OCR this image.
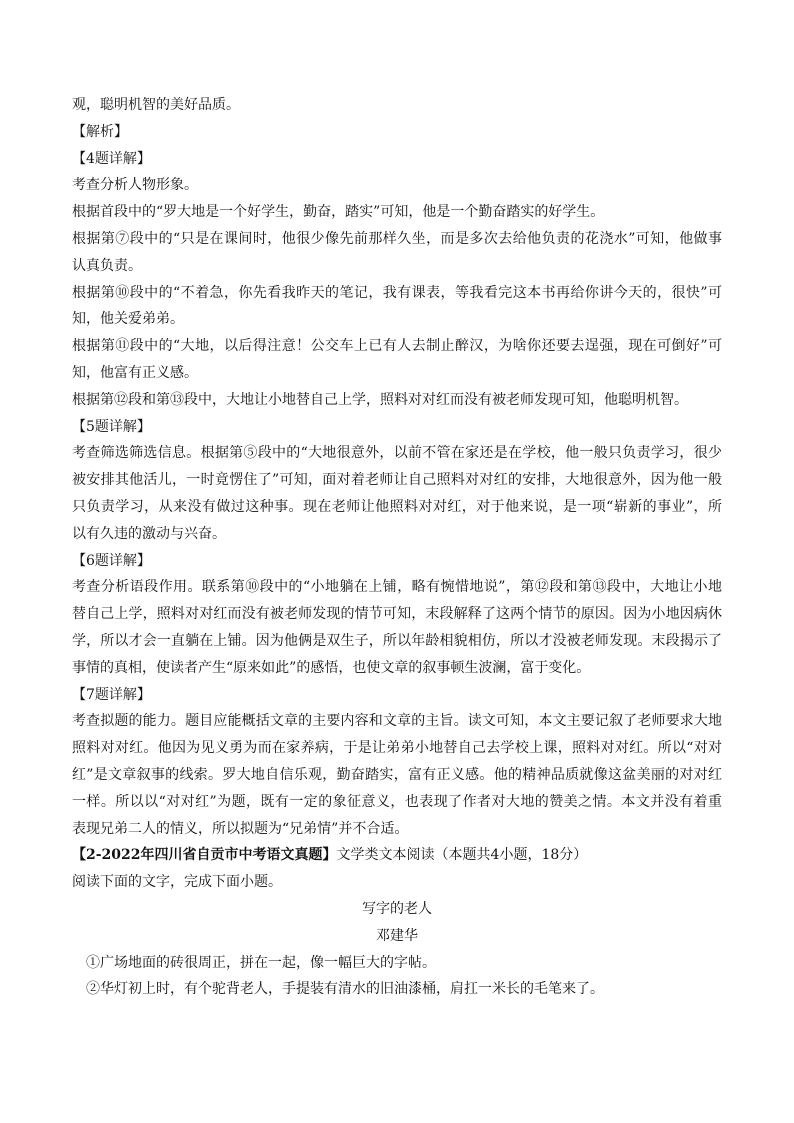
观，聪明机智的美好品质。
【解析】
【4题详解】
考查分析人物形象。
根据首段中的“罗大地是一个好学生，勤奋，踏实”可知，他是一个勤奋踏实的好学生。
根据第⑦段中的“只是在课间时，他很少像先前那样久坐，而是多次去给他负责的花浇水”可知，他做事
认真负责。
根据第⑩段中的“不着急，你先看我昨天的笔记，我有课表，等我看完这本书再给你讲今天的，很快”可
知，他关爱弟弟。
根据第⑪段中的“大地，以后得注意！公交车上已有人去制止醉汉，为啥你还要去逞强，现在可倒好”可
知，他富有正义感。
根据第⑫段和第⑬段中，大地让小地替自己上学，照料对对红而没有被老师发现可知，他聪明机智。
【5题详解】
考查筛选筛选信息。根据第⑤段中的“大地很意外，以前不管在家还是在学校，他一般只负责学习，很少
被安排其他活儿，一时竟愣住了”可知，面对着老师让自己照料对对红的安排，大地很意外，因为他一般
只负责学习，从来没有做过这种事。现在老师让他照料对对红，对于他来说，是一项“崭新的事业”，所
以有久违的激动与兴奋。
【6题详解】
考查分析语段作用。联系第⑩段中的“小地躺在上铺，略有惋惜地说”，第⑫段和第⑬段中，大地让小地
替自己上学，照料对对红而没有被老师发现的情节可知，末段解释了这两个情节的原因。因为小地因病休
学，所以才会一直躺在上铺。因为他俩是双生子，所以年龄相貌相仿，所以才没被老师发现。末段揭示了
事情的真相，使读者产生“原来如此”的感悟，也使文章的叙事顿生波澜，富于变化。
【7题详解】
考查拟题的能力。题目应能概括文章的主要内容和文章的主旨。读文可知，本文主要记叙了老师要求大地
照料对对红。他因为见义勇为而在家养病，于是让弟弟小地替自己去学校上课，照料对对红。所以“对对
红”是文章叙事的线索。罗大地自信乐观，勤奋踏实，富有正义感。他的精神品质就像这盆美丽的对对红
一样。所以以“对对红”为题，既有一定的象征意义，也表现了作者对大地的赞美之情。本文并没有着重
表现兄弟二人的情义，所以拟题为“兄弟情”并不合适。
【2-2022年四川省自贡市中考语文真题】文学类文本阅读（本题共4小题，18分）
阅读下面的文字，完成下面小题。
写字的老人
邓建华
①广场地面的砖很周正，拼在一起，像一幅巨大的字帖。
②华灯初上时，有个驼背老人，手提装有清水的旧油漆桶，肩扛一米长的毛笔来了。
